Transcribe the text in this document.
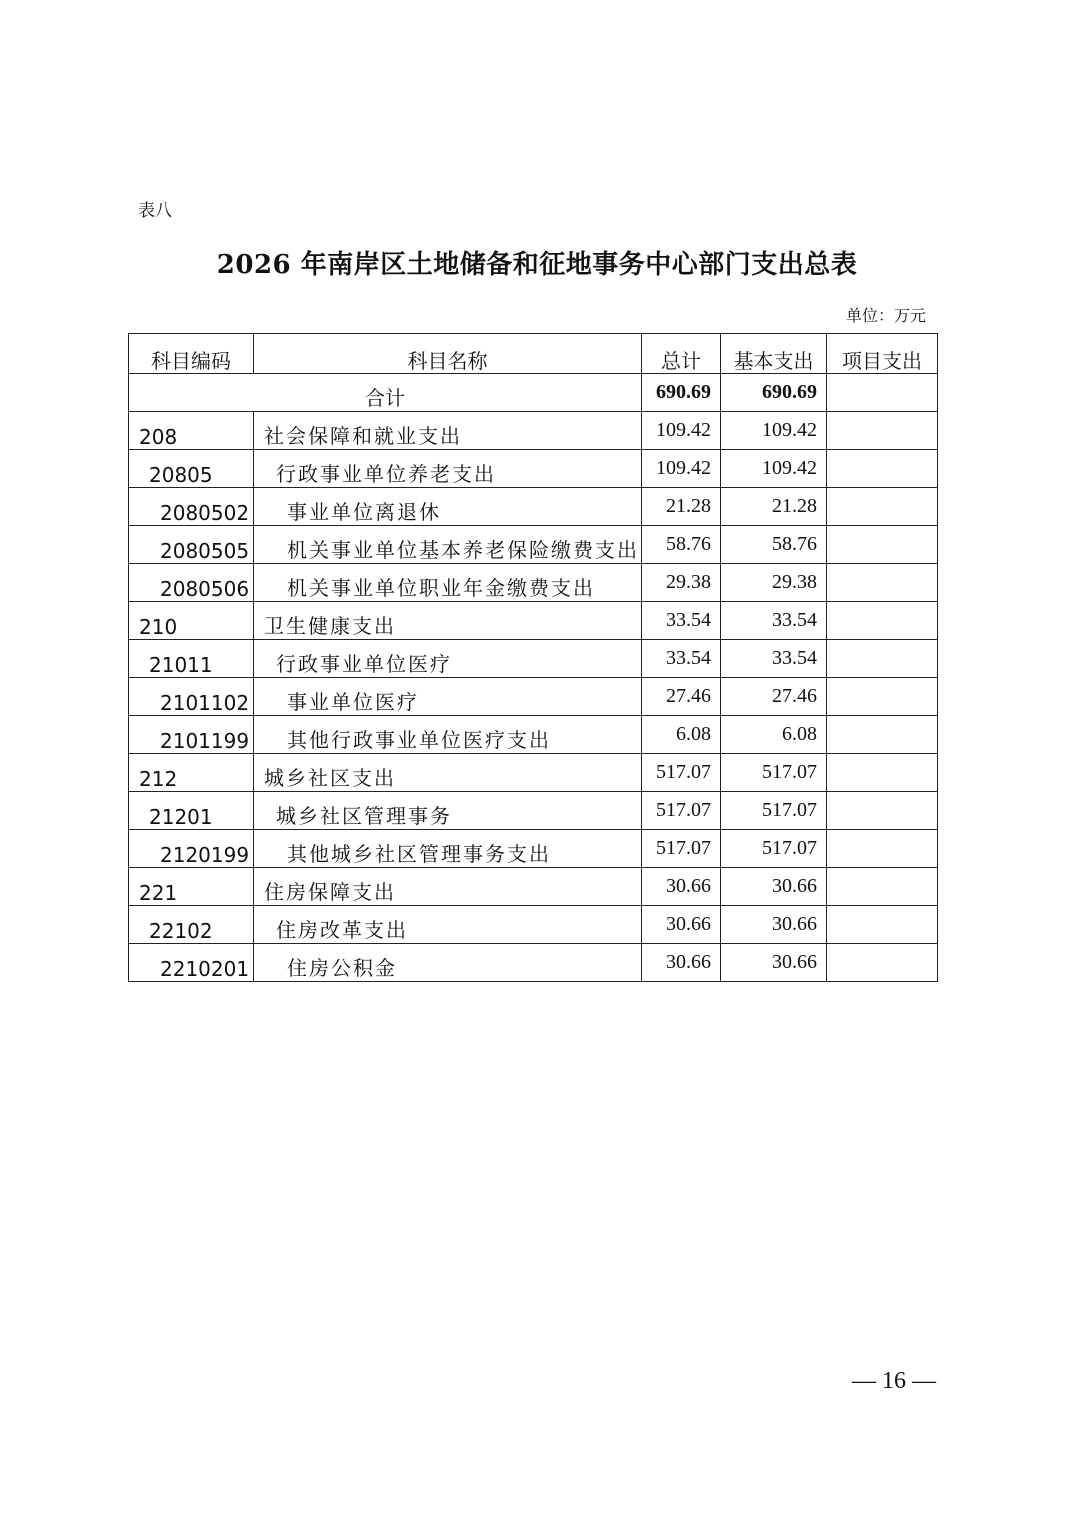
表八
2026 年南岸区土地储备和征地事务中心部门支出总表
单位：万元
科目编码	科目名称	总计	基本支出	项目支出
合计		690.69	690.69	
208	社会保障和就业支出	109.42	109.42	
20805	行政事业单位养老支出	109.42	109.42	
2080502	事业单位离退休	21.28	21.28	
2080505	机关事业单位基本养老保险缴费支出	58.76	58.76	
2080506	机关事业单位职业年金缴费支出	29.38	29.38	
210	卫生健康支出	33.54	33.54	
21011	行政事业单位医疗	33.54	33.54	
2101102	事业单位医疗	27.46	27.46	
2101199	其他行政事业单位医疗支出	6.08	6.08	
212	城乡社区支出	517.07	517.07	
21201	城乡社区管理事务	517.07	517.07	
2120199	其他城乡社区管理事务支出	517.07	517.07	
221	住房保障支出	30.66	30.66	
22102	住房改革支出	30.66	30.66	
2210201	住房公积金	30.66	30.66	
— 16 —
